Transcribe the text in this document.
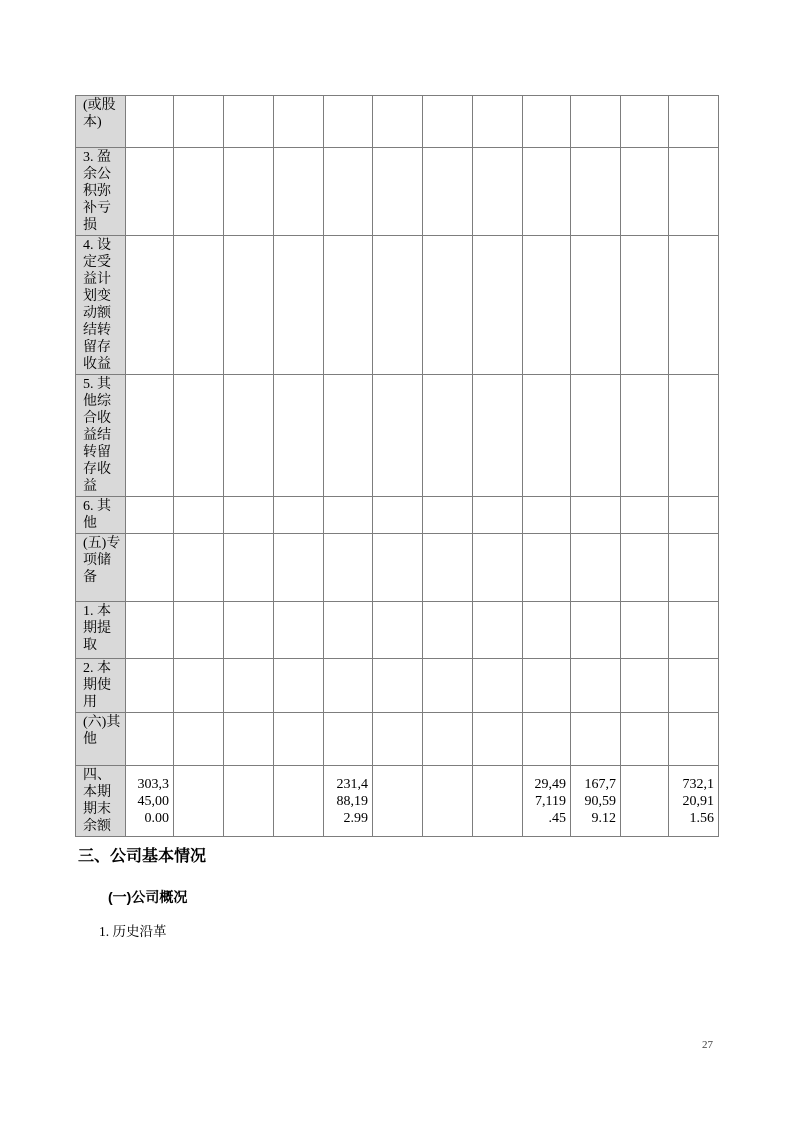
(或股本)												
3. 盈余公积弥补亏损												
4. 设定受益计划变动额结转留存收益												
5. 其他综合收益结转留存收益												
6. 其他												
(五)专项储备												
1. 本期提取												
2. 本期使用												
(六)其他												
四、本期期末余额	303,345,000.00				231,488,192.99				29,497,119.45	167,790,599.12		732,120,911.56
三、公司基本情况
(一)公司概况
1. 历史沿革
27
